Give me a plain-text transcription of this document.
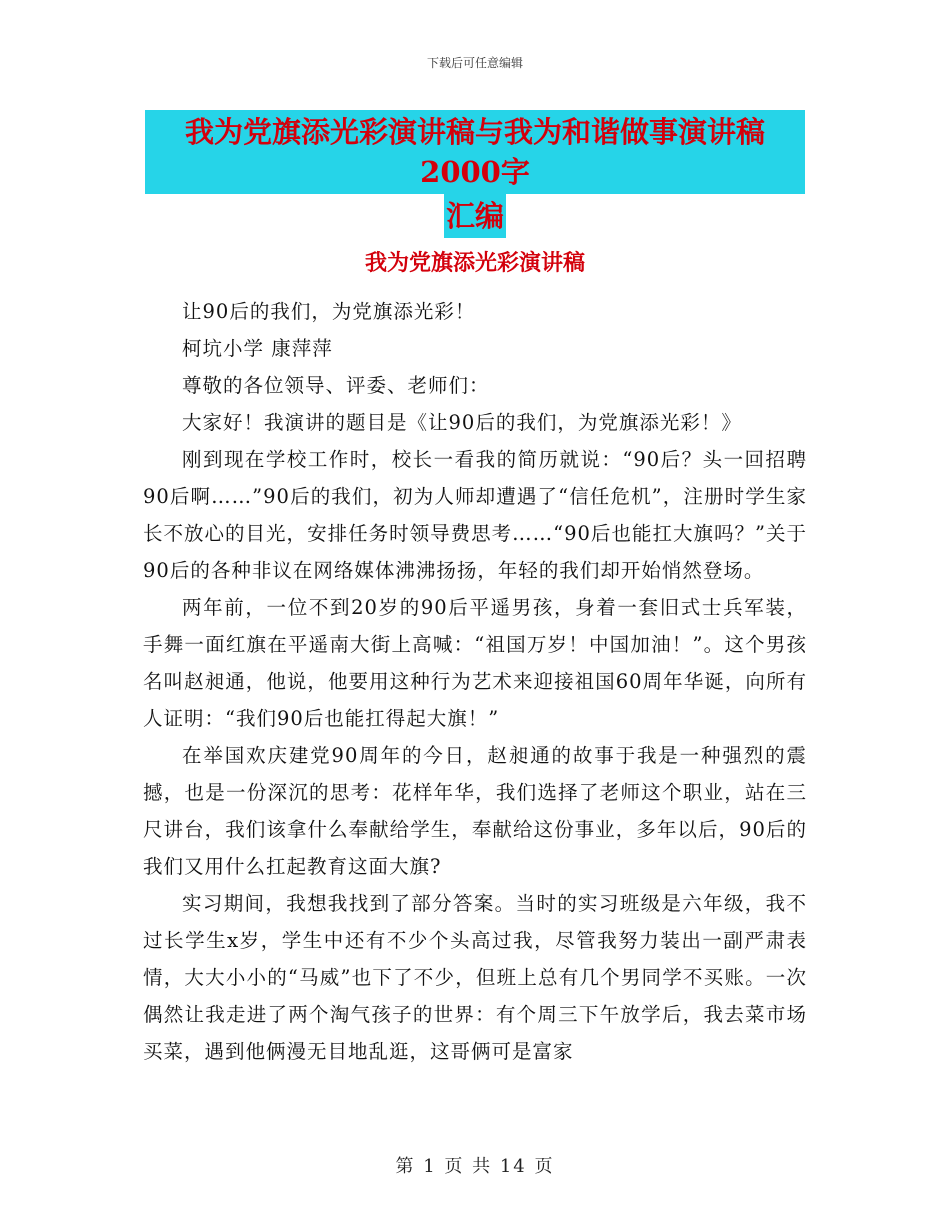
下载后可任意编辑
我为党旗添光彩演讲稿与我为和谐做事演讲稿2000字
汇编
我为党旗添光彩演讲稿

让90后的我们，为党旗添光彩！

柯坑小学 康萍萍

尊敬的各位领导、评委、老师们：

大家好！我演讲的题目是《让90后的我们，为党旗添光彩！》

刚到现在学校工作时，校长一看我的简历就说：“90后？头一回招聘90后啊……”90后的我们，初为人师却遭遇了“信任危机”，注册时学生家长不放心的目光，安排任务时领导费思考……“90后也能扛大旗吗？”关于90后的各种非议在网络媒体沸沸扬扬，年轻的我们却开始悄然登场。

两年前，一位不到20岁的90后平遥男孩，身着一套旧式士兵军装，手舞一面红旗在平遥南大街上高喊：“祖国万岁！中国加油！”。这个男孩名叫赵昶通，他说，他要用这种行为艺术来迎接祖国60周年华诞，向所有人证明：“我们90后也能扛得起大旗！”

在举国欢庆建党90周年的今日，赵昶通的故事于我是一种强烈的震撼，也是一份深沉的思考：花样年华，我们选择了老师这个职业，站在三尺讲台，我们该拿什么奉献给学生，奉献给这份事业，多年以后，90后的我们又用什么扛起教育这面大旗?

实习期间，我想我找到了部分答案。当时的实习班级是六年级，我不过长学生x岁，学生中还有不少个头高过我，尽管我努力装出一副严肃表情，大大小小的“马威”也下了不少，但班上总有几个男同学不买账。一次偶然让我走进了两个淘气孩子的世界：有个周三下午放学后，我去菜市场买菜，遇到他俩漫无目地乱逛，这哥俩可是富家

第 1 页 共 14 页
